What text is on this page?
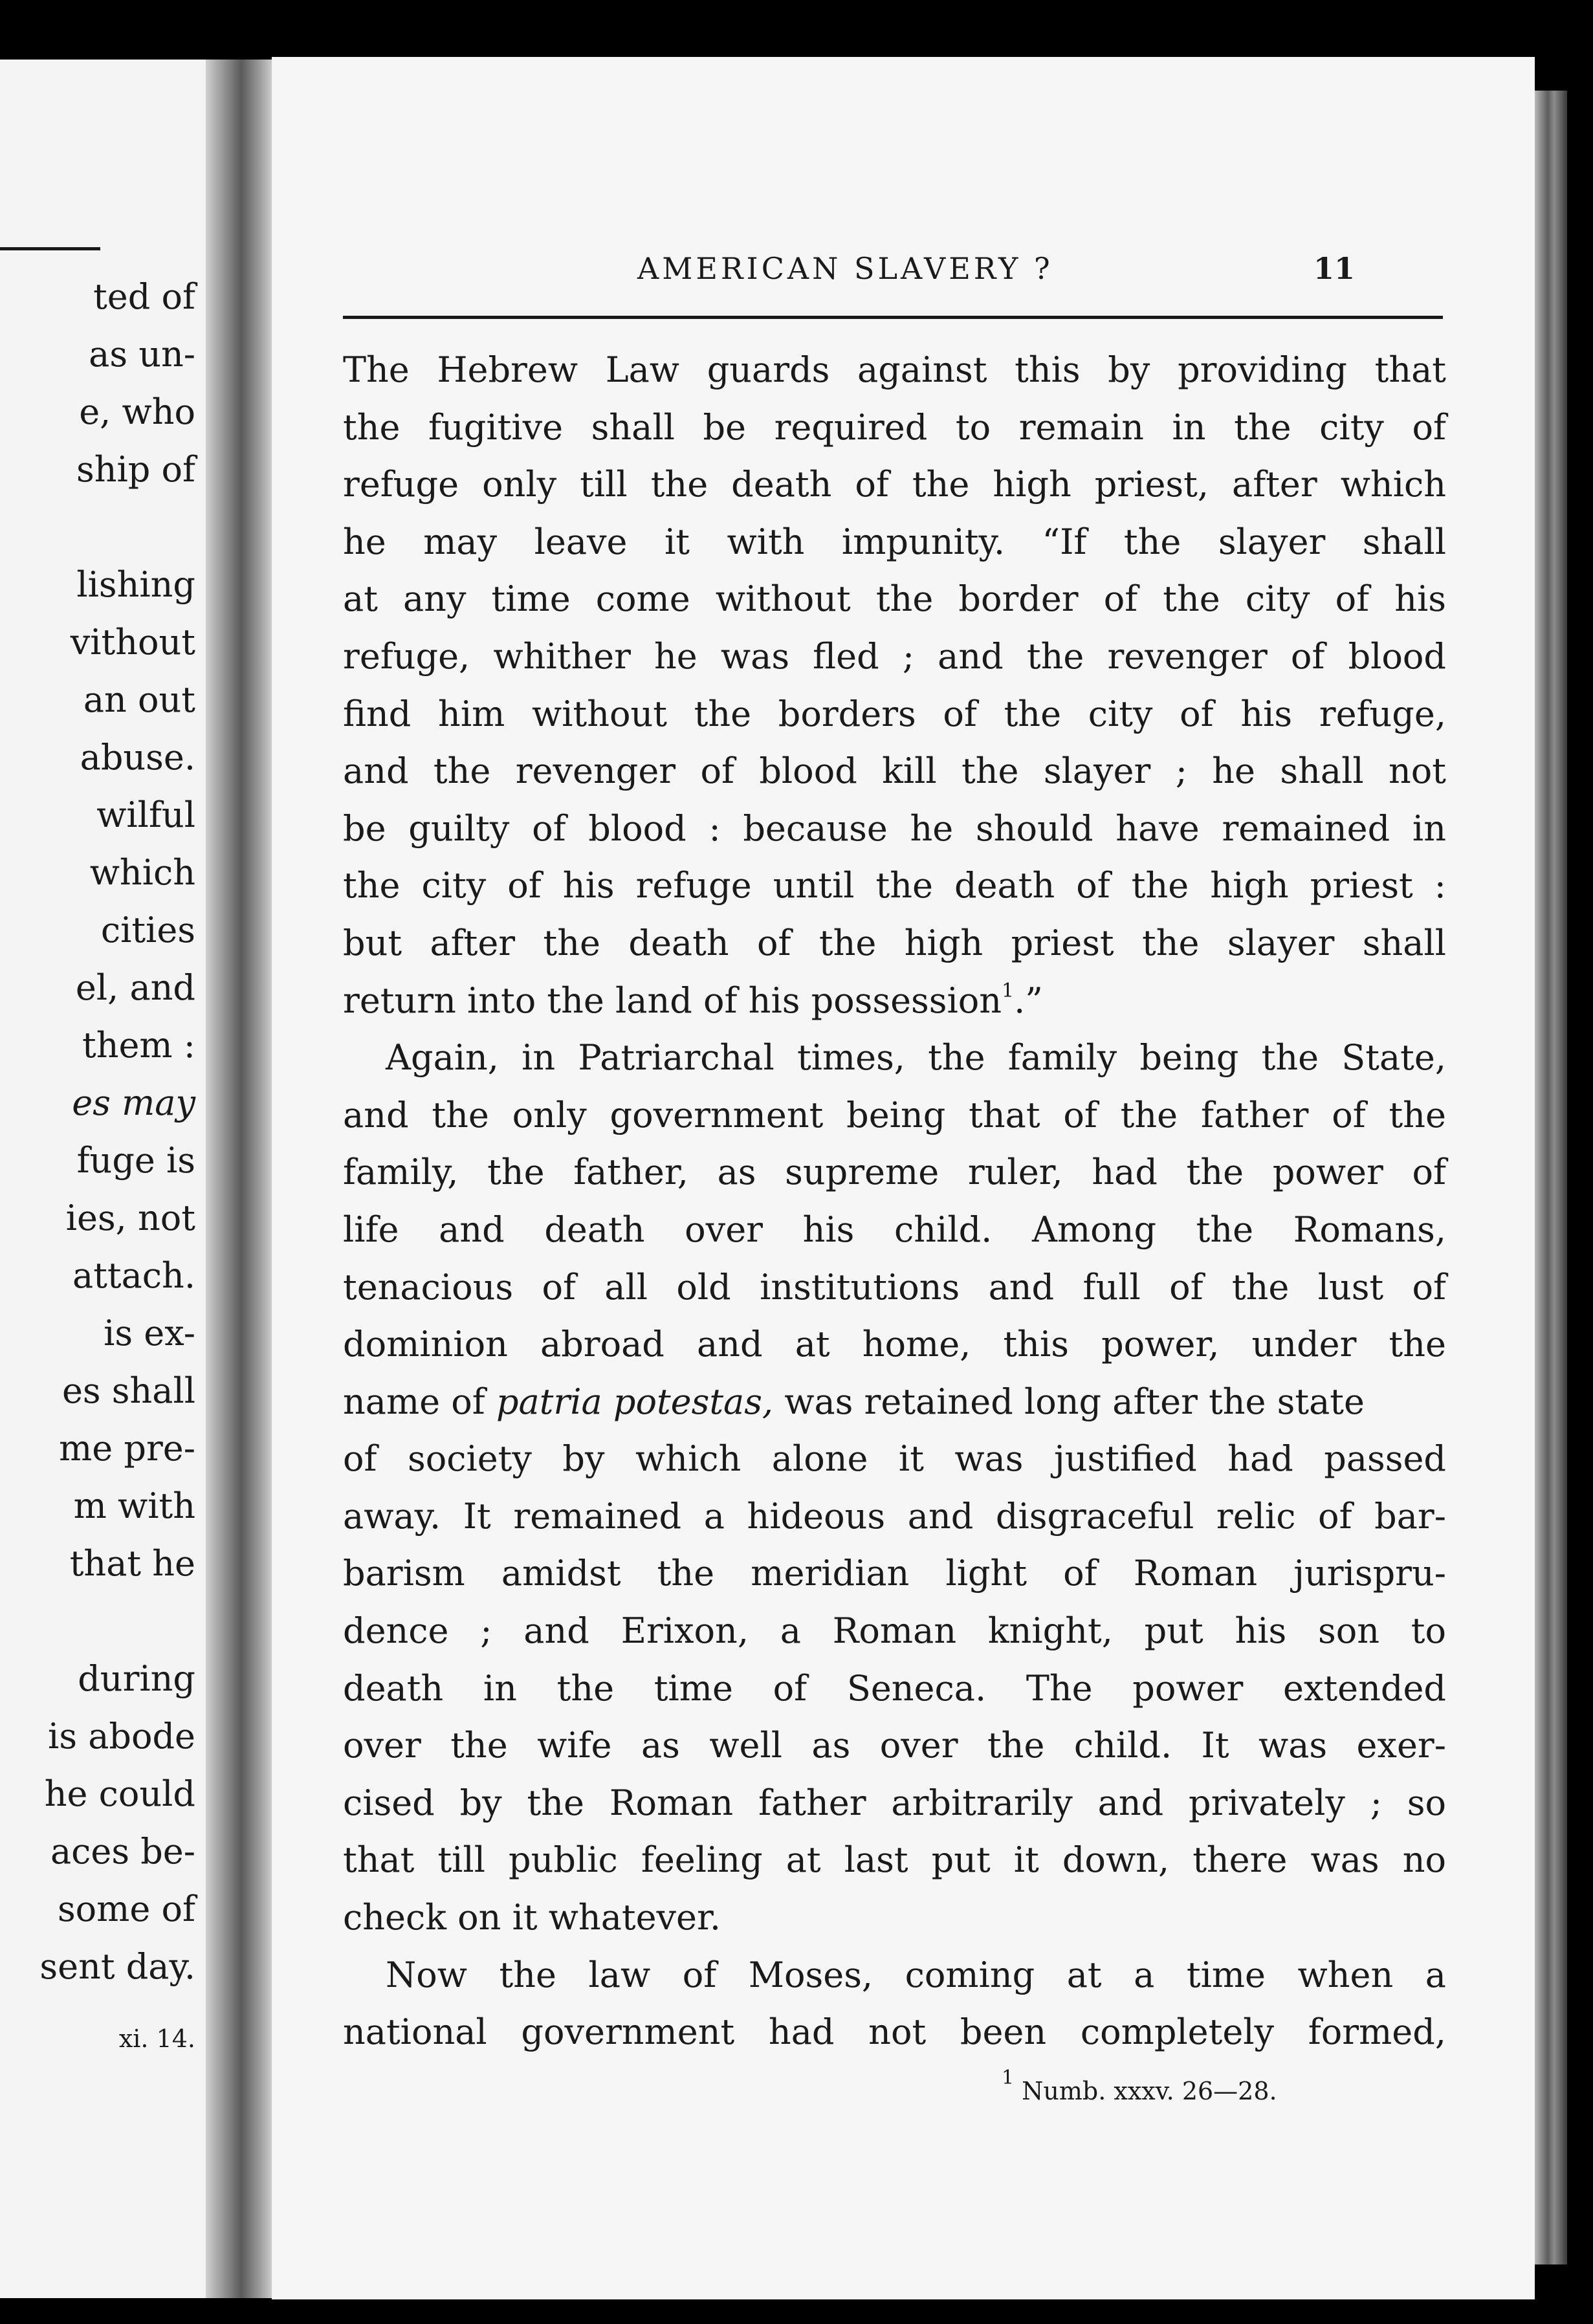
ted of
as un-
e, who
ship of
lishing
vithout
an out
abuse.
wilful
which
cities
el, and
them :
es may
fuge is
ies, not
attach.
is ex-
es shall
me pre-
m with
that he
during
is abode
he could
aces be-
some of
sent day.
xi. 14.
AMERICAN SLAVERY ?	11
The Hebrew Law guards against this by providing that
the fugitive shall be required to remain in the city of
refuge only till the death of the high priest, after which
he may leave it with impunity. “If the slayer shall
at any time come without the border of the city of his
refuge, whither he was fled ; and the revenger of blood
find him without the borders of the city of his refuge,
and the revenger of blood kill the slayer ; he shall not
be guilty of blood : because he should have remained in
the city of his refuge until the death of the high priest :
but after the death of the high priest the slayer shall
return into the land of his possession$^1$.”
Again, in Patriarchal times, the family being the State,
and the only government being that of the father of the
family, the father, as supreme ruler, had the power of
life and death over his child. Among the Romans,
tenacious of all old institutions and full of the lust of
dominion abroad and at home, this power, under the
name of patria potestas, was retained long after the state
of society by which alone it was justified had passed
away. It remained a hideous and disgraceful relic of bar-
barism amidst the meridian light of Roman jurispru-
dence ; and Erixon, a Roman knight, put his son to
death in the time of Seneca. The power extended
over the wife as well as over the child. It was exer-
cised by the Roman father arbitrarily and privately ; so
that till public feeling at last put it down, there was no
check on it whatever.
Now the law of Moses, coming at a time when a
national government had not been completely formed,
$^1$ Numb. xxxv. 26—28.
